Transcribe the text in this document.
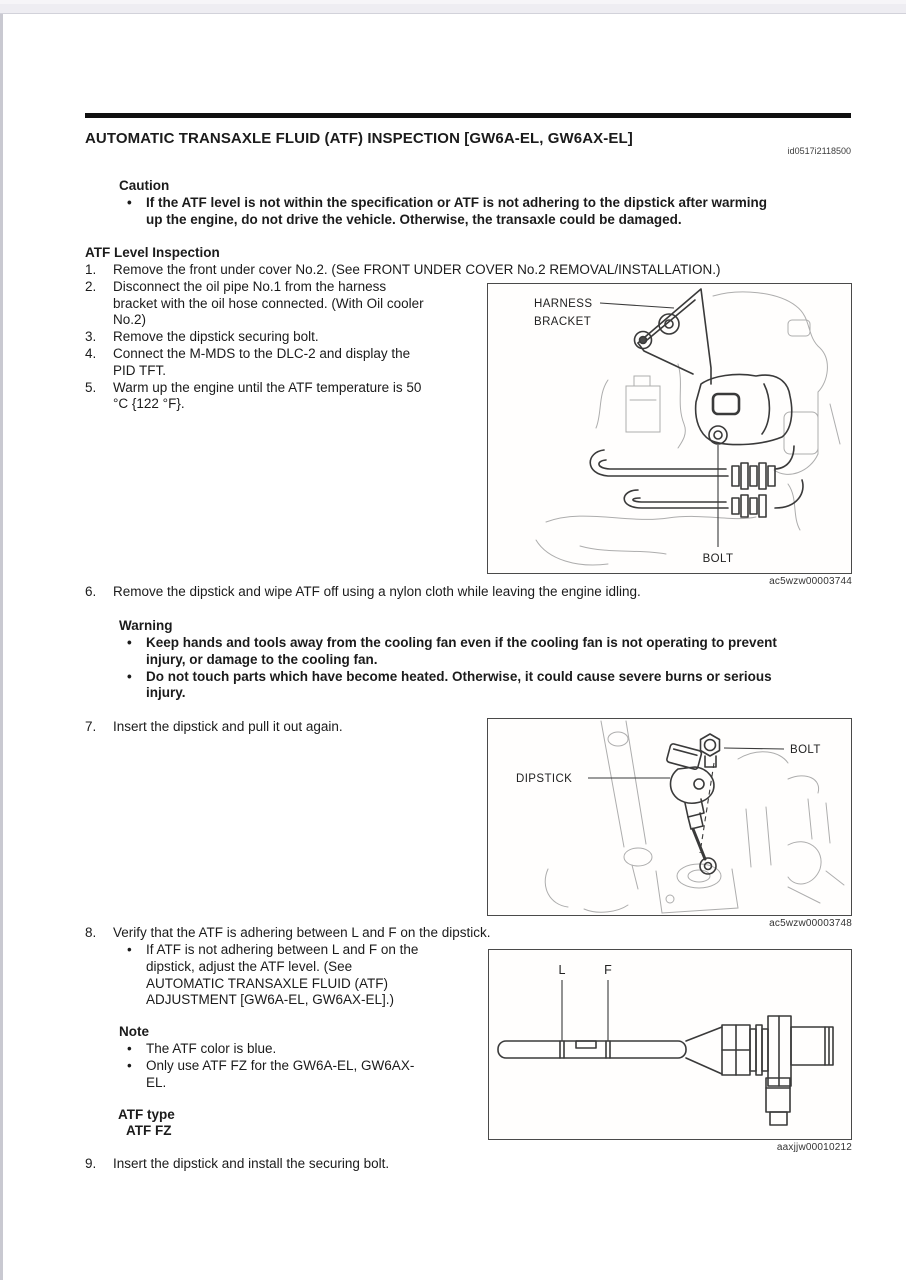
AUTOMATIC TRANSAXLE FLUID (ATF) INSPECTION [GW6A-EL, GW6AX-EL]
id0517i2118500
Caution
•
If the ATF level is not within the specification or ATF is not adhering to the dipstick after warming
up the engine, do not drive the vehicle. Otherwise, the transaxle could be damaged.
ATF Level Inspection
1.	Remove the front under cover No.2. (See FRONT UNDER COVER No.2 REMOVAL/INSTALLATION.)
2.	Disconnect the oil pipe No.1 from the harness
bracket with the oil hose connected. (With Oil cooler
No.2)
3.	Remove the dipstick securing bolt.
4.	Connect the M-MDS to the DLC-2 and display the
PID TFT.
5.	Warm up the engine until the ATF temperature is 50
°C {122 °F}.
HARNESS
BRACKET
BOLT
ac5wzw00003744
6.	Remove the dipstick and wipe ATF off using a nylon cloth while leaving the engine idling.
Warning
•
Keep hands and tools away from the cooling fan even if the cooling fan is not operating to prevent
injury, or damage to the cooling fan.
•
Do not touch parts which have become heated. Otherwise, it could cause severe burns or serious
injury.
7.	Insert the dipstick and pull it out again.
DIPSTICK
BOLT
ac5wzw00003748
8.	Verify that the ATF is adhering between L and F on the dipstick.
•
If ATF is not adhering between L and F on the
dipstick, adjust the ATF level. (See
AUTOMATIC TRANSAXLE FLUID (ATF)
ADJUSTMENT [GW6A-EL, GW6AX-EL].)
L	F
aaxjjw00010212
Note
•
The ATF color is blue.
•
Only use ATF FZ for the GW6A-EL, GW6AX-
EL.
ATF type
ATF FZ
9.	Insert the dipstick and install the securing bolt.
